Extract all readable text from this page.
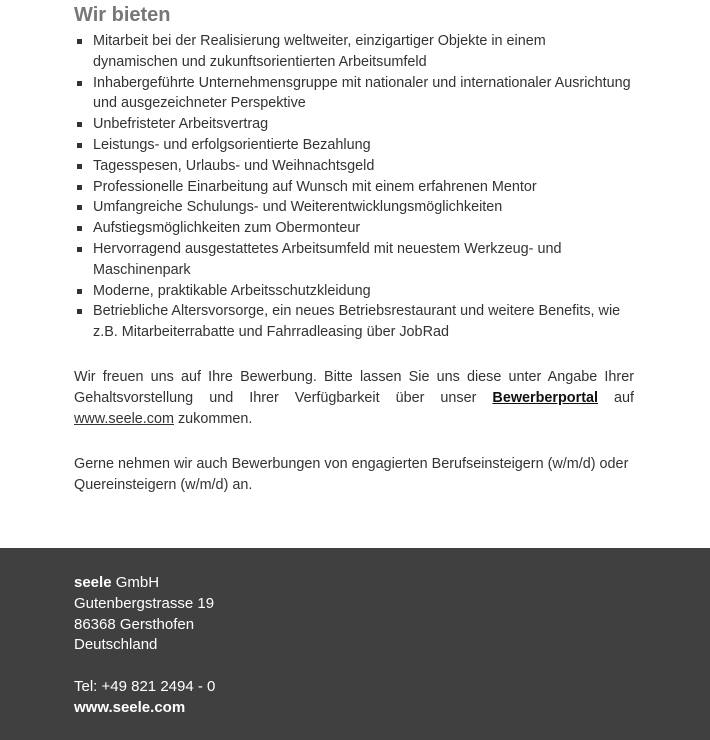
Wir bieten
Mitarbeit bei der Realisierung weltweiter, einzigartiger Objekte in einem dynamischen und zukunftsorientierten Arbeitsumfeld
Inhabergeführte Unternehmensgruppe mit nationaler und internationaler Ausrichtung und ausgezeichneter Perspektive
Unbefristeter Arbeitsvertrag
Leistungs- und erfolgsorientierte Bezahlung
Tagesspesen, Urlaubs- und Weihnachtsgeld
Professionelle Einarbeitung auf Wunsch mit einem erfahrenen Mentor
Umfangreiche Schulungs- und Weiterentwicklungsmöglichkeiten
Aufstiegsmöglichkeiten zum Obermonteur
Hervorragend ausgestattetes Arbeitsumfeld mit neuestem Werkzeug- und Maschinenpark
Moderne, praktikable Arbeitsschutzkleidung
Betriebliche Altersvorsorge, ein neues Betriebsrestaurant und weitere Benefits, wie z.B. Mitarbeiterrabatte und Fahrradleasing über JobRad

Wir freuen uns auf Ihre Bewerbung. Bitte lassen Sie uns diese unter Angabe Ihrer Gehaltsvorstellung und Ihrer Verfügbarkeit über unser Bewerberportal auf www.seele.com zukommen.

Gerne nehmen wir auch Bewerbungen von engagierten Berufseinsteigern (w/m/d) oder Quereinsteigern (w/m/d) an.

seele GmbH
Gutenbergstrasse 19
86368 Gersthofen
Deutschland
Tel: +49 821 2494 - 0
www.seele.com
